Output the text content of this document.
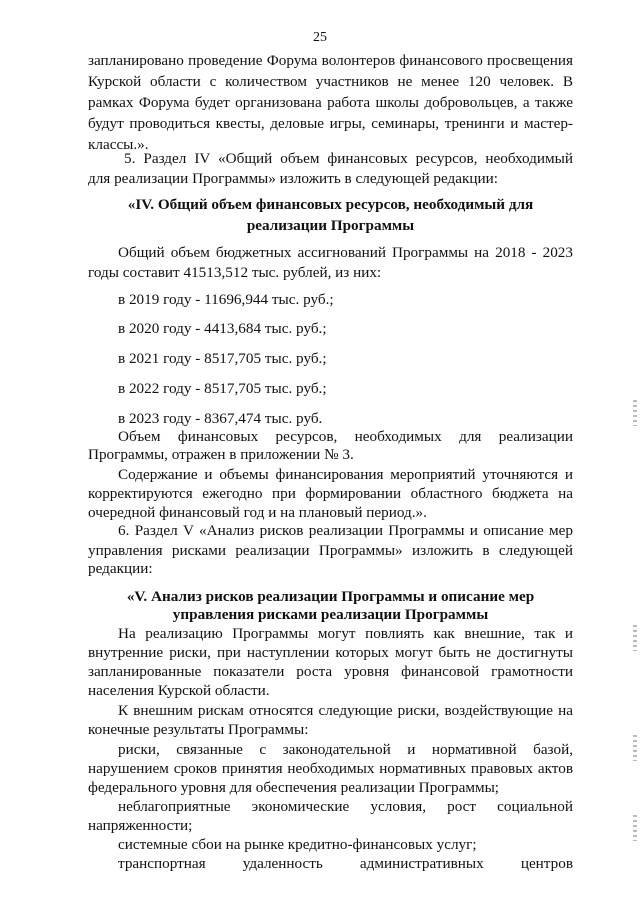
25
запланировано проведение Форума волонтеров финансового просвещения
Курской области с количеством участников не менее 120 человек. В
рамках Форума будет организована работа школы добровольцев, а также
будут проводиться квесты, деловые игры, семинары, тренинги и мастер-
классы.».
5. Раздел IV «Общий объем финансовых ресурсов, необходимый
для реализации Программы» изложить в следующей редакции:
«IV. Общий объем финансовых ресурсов, необходимый для
реализации Программы
Общий объем бюджетных ассигнований Программы на 2018 - 2023
годы составит 41513,512 тыс. рублей, из них:
в 2019 году - 11696,944 тыс. руб.;
в 2020 году - 4413,684 тыс. руб.;
в 2021 году - 8517,705 тыс. руб.;
в 2022 году - 8517,705 тыс. руб.;
в 2023 году - 8367,474 тыс. руб.
Объем финансовых ресурсов, необходимых для реализации
Программы, отражен в приложении № 3.
Содержание и объемы финансирования мероприятий уточняются и
корректируются ежегодно при формировании областного бюджета на
очередной финансовый год и на плановый период.».
6. Раздел V «Анализ рисков реализации Программы и описание мер
управления рисками реализации Программы» изложить в следующей
редакции:
«V. Анализ рисков реализации Программы и описание мер
управления рисками реализации Программы
На реализацию Программы могут повлиять как внешние, так и
внутренние риски, при наступлении которых могут быть не достигнуты
запланированные показатели роста уровня финансовой грамотности
населения Курской области.
К внешним рискам относятся следующие риски, воздействующие на
конечные результаты Программы:
риски, связанные с законодательной и нормативной базой,
нарушением сроков принятия необходимых нормативных правовых актов
федерального уровня для обеспечения реализации Программы;
неблагоприятные экономические условия, рост социальной
напряженности;
системные сбои на рынке кредитно-финансовых услуг;
транспортная удаленность административных центров
